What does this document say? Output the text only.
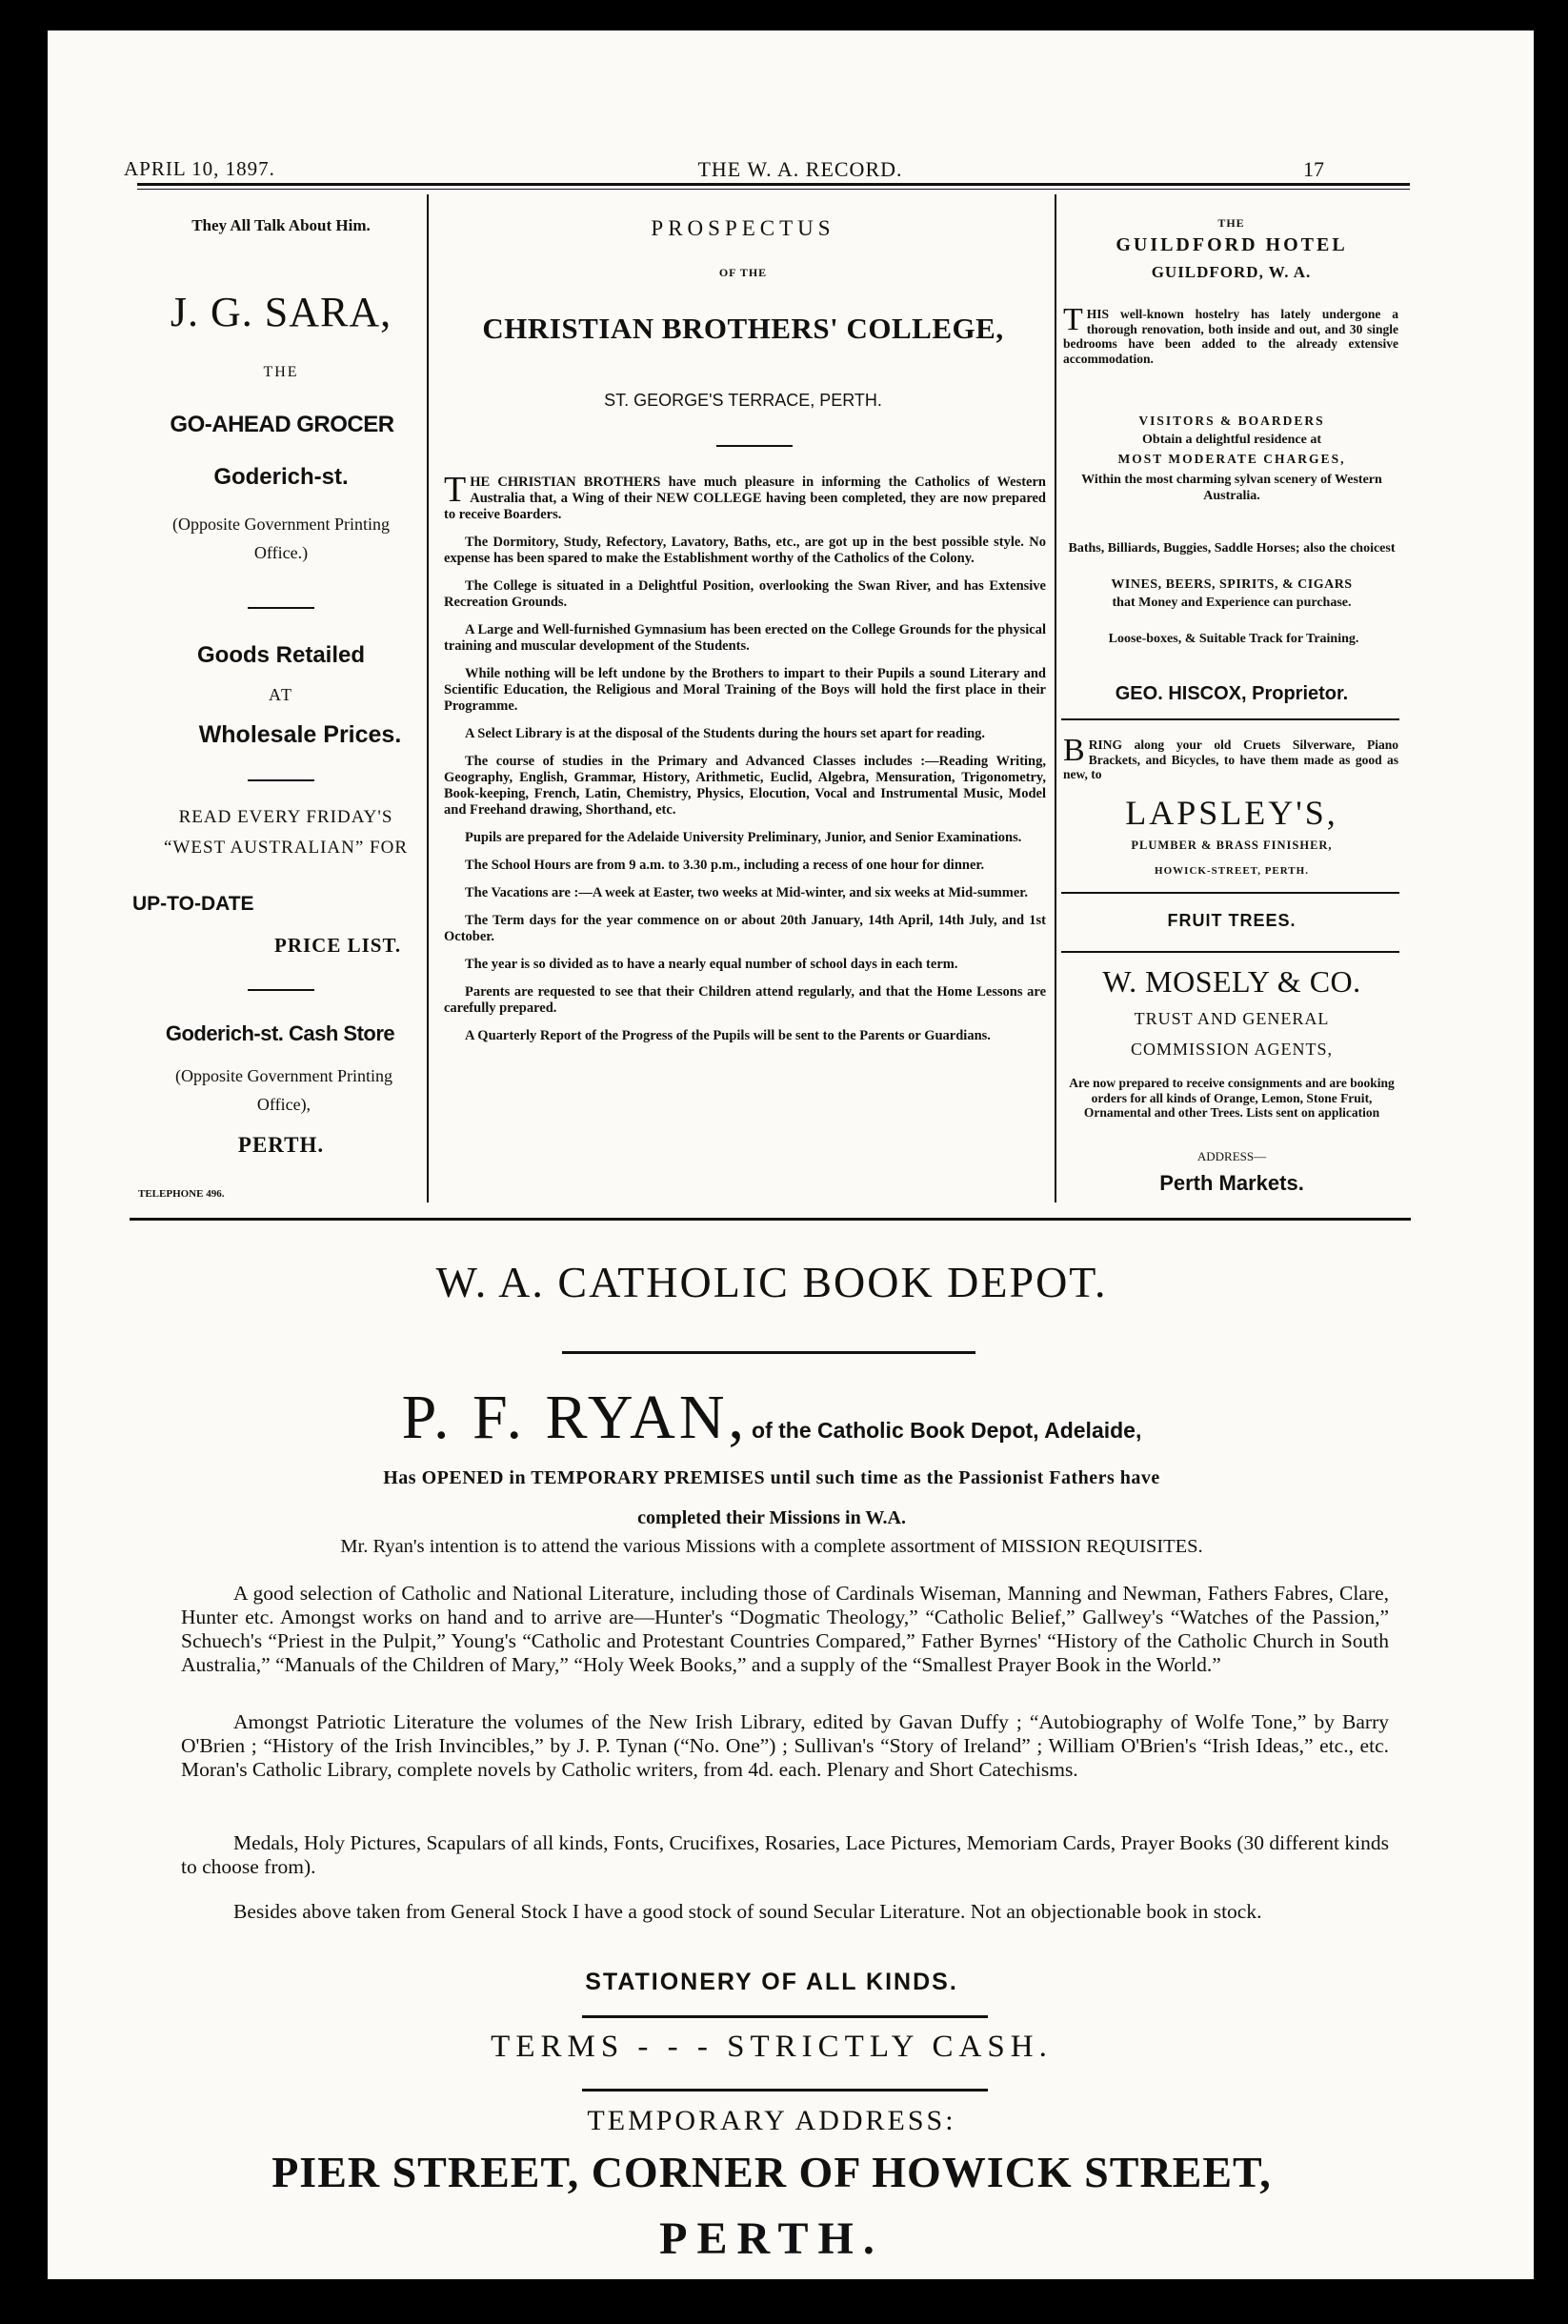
APRIL 10, 1897.	THE W. A. RECORD.	17
They All Talk About Him.
J. G. SARA,
THE
GO-AHEAD GROCER
Goderich-st.
(Opposite Government Printing Office.)
Goods Retailed
AT
Wholesale Prices.
READ EVERY FRIDAY'S
“WEST AUSTRALIAN” FOR
UP-TO-DATE
PRICE LIST.
Goderich-st. Cash Store
(Opposite Government Printing Office),
PERTH.
TELEPHONE 496.
PROSPECTUS
OF THE
CHRISTIAN BROTHERS' COLLEGE,
ST. GEORGE'S TERRACE, PERTH.

THE CHRISTIAN BROTHERS have much pleasure in informing the Catholics of Western Australia that, a Wing of their NEW COLLEGE having been completed, they are now prepared to receive Boarders.

The Dormitory, Study, Refectory, Lavatory, Baths, etc., are got up in the best possible style. No expense has been spared to make the Establishment worthy of the Catholics of the Colony.

The College is situated in a Delightful Position, overlooking the Swan River, and has Extensive Recreation Grounds.

A Large and Well-furnished Gymnasium has been erected on the College Grounds for the physical training and muscular development of the Students.

While nothing will be left undone by the Brothers to impart to their Pupils a sound Literary and Scientific Education, the Religious and Moral Training of the Boys will hold the first place in their Programme.

A Select Library is at the disposal of the Students during the hours set apart for reading.

The course of studies in the Primary and Advanced Classes includes :—Reading Writing, Geography, English, Grammar, History, Arithmetic, Euclid, Algebra, Mensuration, Trigonometry, Book-keeping, French, Latin, Chemistry, Physics, Elocution, Vocal and Instrumental Music, Model and Freehand drawing, Shorthand, etc.

Pupils are prepared for the Adelaide University Preliminary, Junior, and Senior Examinations.

The School Hours are from 9 a.m. to 3.30 p.m., including a recess of one hour for dinner.

The Vacations are :—A week at Easter, two weeks at Mid-winter, and six weeks at Mid-summer.

The Term days for the year commence on or about 20th January, 14th April, 14th July, and 1st October.

The year is so divided as to have a nearly equal number of school days in each term.

Parents are requested to see that their Children attend regularly, and that the Home Lessons are carefully prepared.

A Quarterly Report of the Progress of the Pupils will be sent to the Parents or Guardians.

THE
GUILDFORD HOTEL
GUILDFORD, W. A.
THIS well-known hostelry has lately undergone a thorough renovation, both inside and out, and 30 single bedrooms have been added to the already extensive accommodation.
VISITORS & BOARDERS
Obtain a delightful residence at
MOST MODERATE CHARGES,
Within the most charming sylvan scenery of Western Australia.
Baths, Billiards, Buggies, Saddle Horses; also the choicest
WINES, BEERS, SPIRITS, & CIGARS
that Money and Experience can purchase.
Loose-boxes, & Suitable Track for Training.
GEO. HISCOX, Proprietor.
BRING along your old Cruets Silverware, Piano Brackets, and Bicycles, to have them made as good as new, to
LAPSLEY'S,
PLUMBER & BRASS FINISHER,
HOWICK-STREET, PERTH.
FRUIT TREES.
W. MOSELY & CO.
TRUST AND GENERAL
COMMISSION AGENTS,
Are now prepared to receive consignments and are booking orders for all kinds of Orange, Lemon, Stone Fruit, Ornamental and other Trees. Lists sent on application
ADDRESS—
Perth Markets.
W. A. CATHOLIC BOOK DEPOT.
P. F. RYAN, of the Catholic Book Depot, Adelaide,
Has OPENED in TEMPORARY PREMISES until such time as the Passionist Fathers have
completed their Missions in W.A.
Mr. Ryan's intention is to attend the various Missions with a complete assortment of MISSION REQUISITES.
A good selection of Catholic and National Literature, including those of Cardinals Wiseman, Manning and Newman, Fathers Fabres, Clare, Hunter etc. Amongst works on hand and to arrive are—Hunter's “Dogmatic Theology,” “Catholic Belief,” Gallwey's “Watches of the Passion,” Schuech's “Priest in the Pulpit,” Young's “Catholic and Protestant Countries Compared,” Father Byrnes' “History of the Catholic Church in South Australia,” “Manuals of the Children of Mary,” “Holy Week Books,” and a supply of the “Smallest Prayer Book in the World.”
Amongst Patriotic Literature the volumes of the New Irish Library, edited by Gavan Duffy ; “Autobiography of Wolfe Tone,” by Barry O'Brien ; “History of the Irish Invincibles,” by J. P. Tynan (“No. One”) ; Sullivan's “Story of Ireland” ; William O'Brien's “Irish Ideas,” etc., etc. Moran's Catholic Library, complete novels by Catholic writers, from 4d. each. Plenary and Short Catechisms.
Medals, Holy Pictures, Scapulars of all kinds, Fonts, Crucifixes, Rosaries, Lace Pictures, Memoriam Cards, Prayer Books (30 different kinds to choose from).
Besides above taken from General Stock I have a good stock of sound Secular Literature. Not an objectionable book in stock.
STATIONERY OF ALL KINDS.
TERMS - - - STRICTLY CASH.
TEMPORARY ADDRESS:
PIER STREET, CORNER OF HOWICK STREET,
PERTH.
